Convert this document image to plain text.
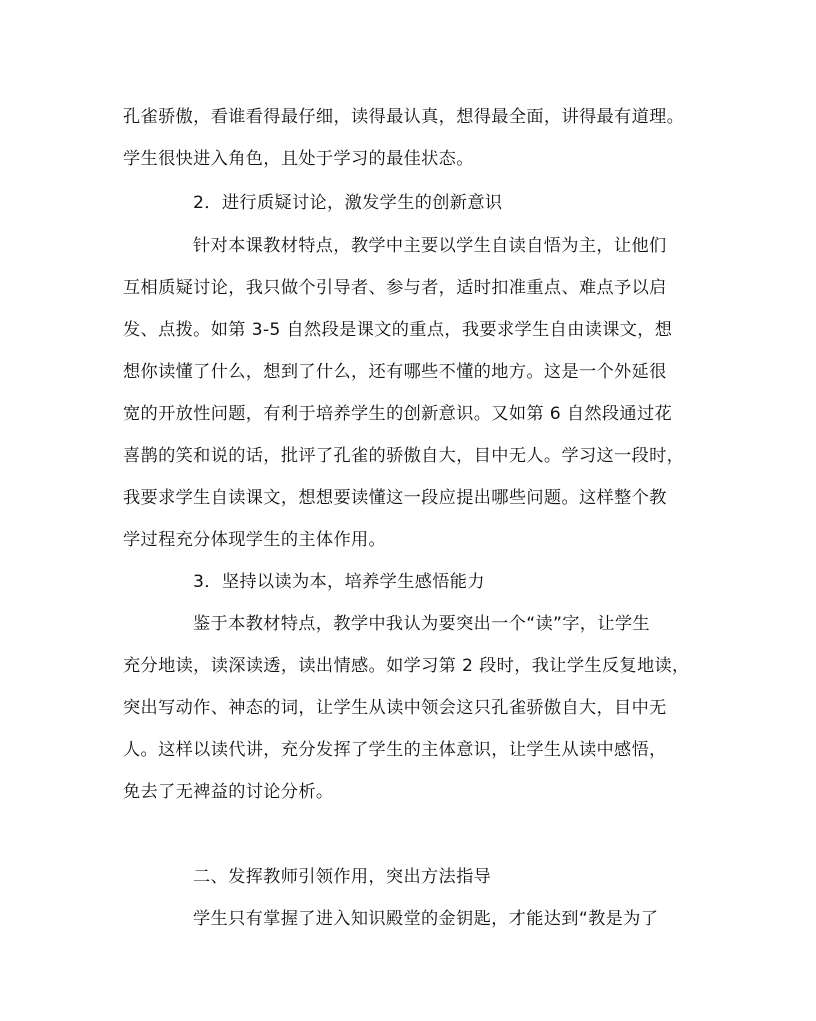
孔雀骄傲，看谁看得最仔细，读得最认真，想得最全面，讲得最有道理。
学生很快进入角色，且处于学习的最佳状态。
2．进行质疑讨论，激发学生的创新意识
针对本课教材特点，教学中主要以学生自读自悟为主，让他们
互相质疑讨论，我只做个引导者、参与者，适时扣准重点、难点予以启
发、点拨。如第 3-5 自然段是课文的重点，我要求学生自由读课文，想
想你读懂了什么，想到了什么，还有哪些不懂的地方。这是一个外延很
宽的开放性问题，有利于培养学生的创新意识。又如第 6 自然段通过花
喜鹊的笑和说的话，批评了孔雀的骄傲自大，目中无人。学习这一段时，
我要求学生自读课文，想想要读懂这一段应提出哪些问题。这样整个教
学过程充分体现学生的主体作用。
3．坚持以读为本，培养学生感悟能力
鉴于本教材特点，教学中我认为要突出一个“读”字，让学生
充分地读，读深读透，读出情感。如学习第 2 段时，我让学生反复地读，
突出写动作、神态的词，让学生从读中领会这只孔雀骄傲自大，目中无
人。这样以读代讲，充分发挥了学生的主体意识，让学生从读中感悟，
免去了无裨益的讨论分析。
二、发挥教师引领作用，突出方法指导
学生只有掌握了进入知识殿堂的金钥匙，才能达到“教是为了
